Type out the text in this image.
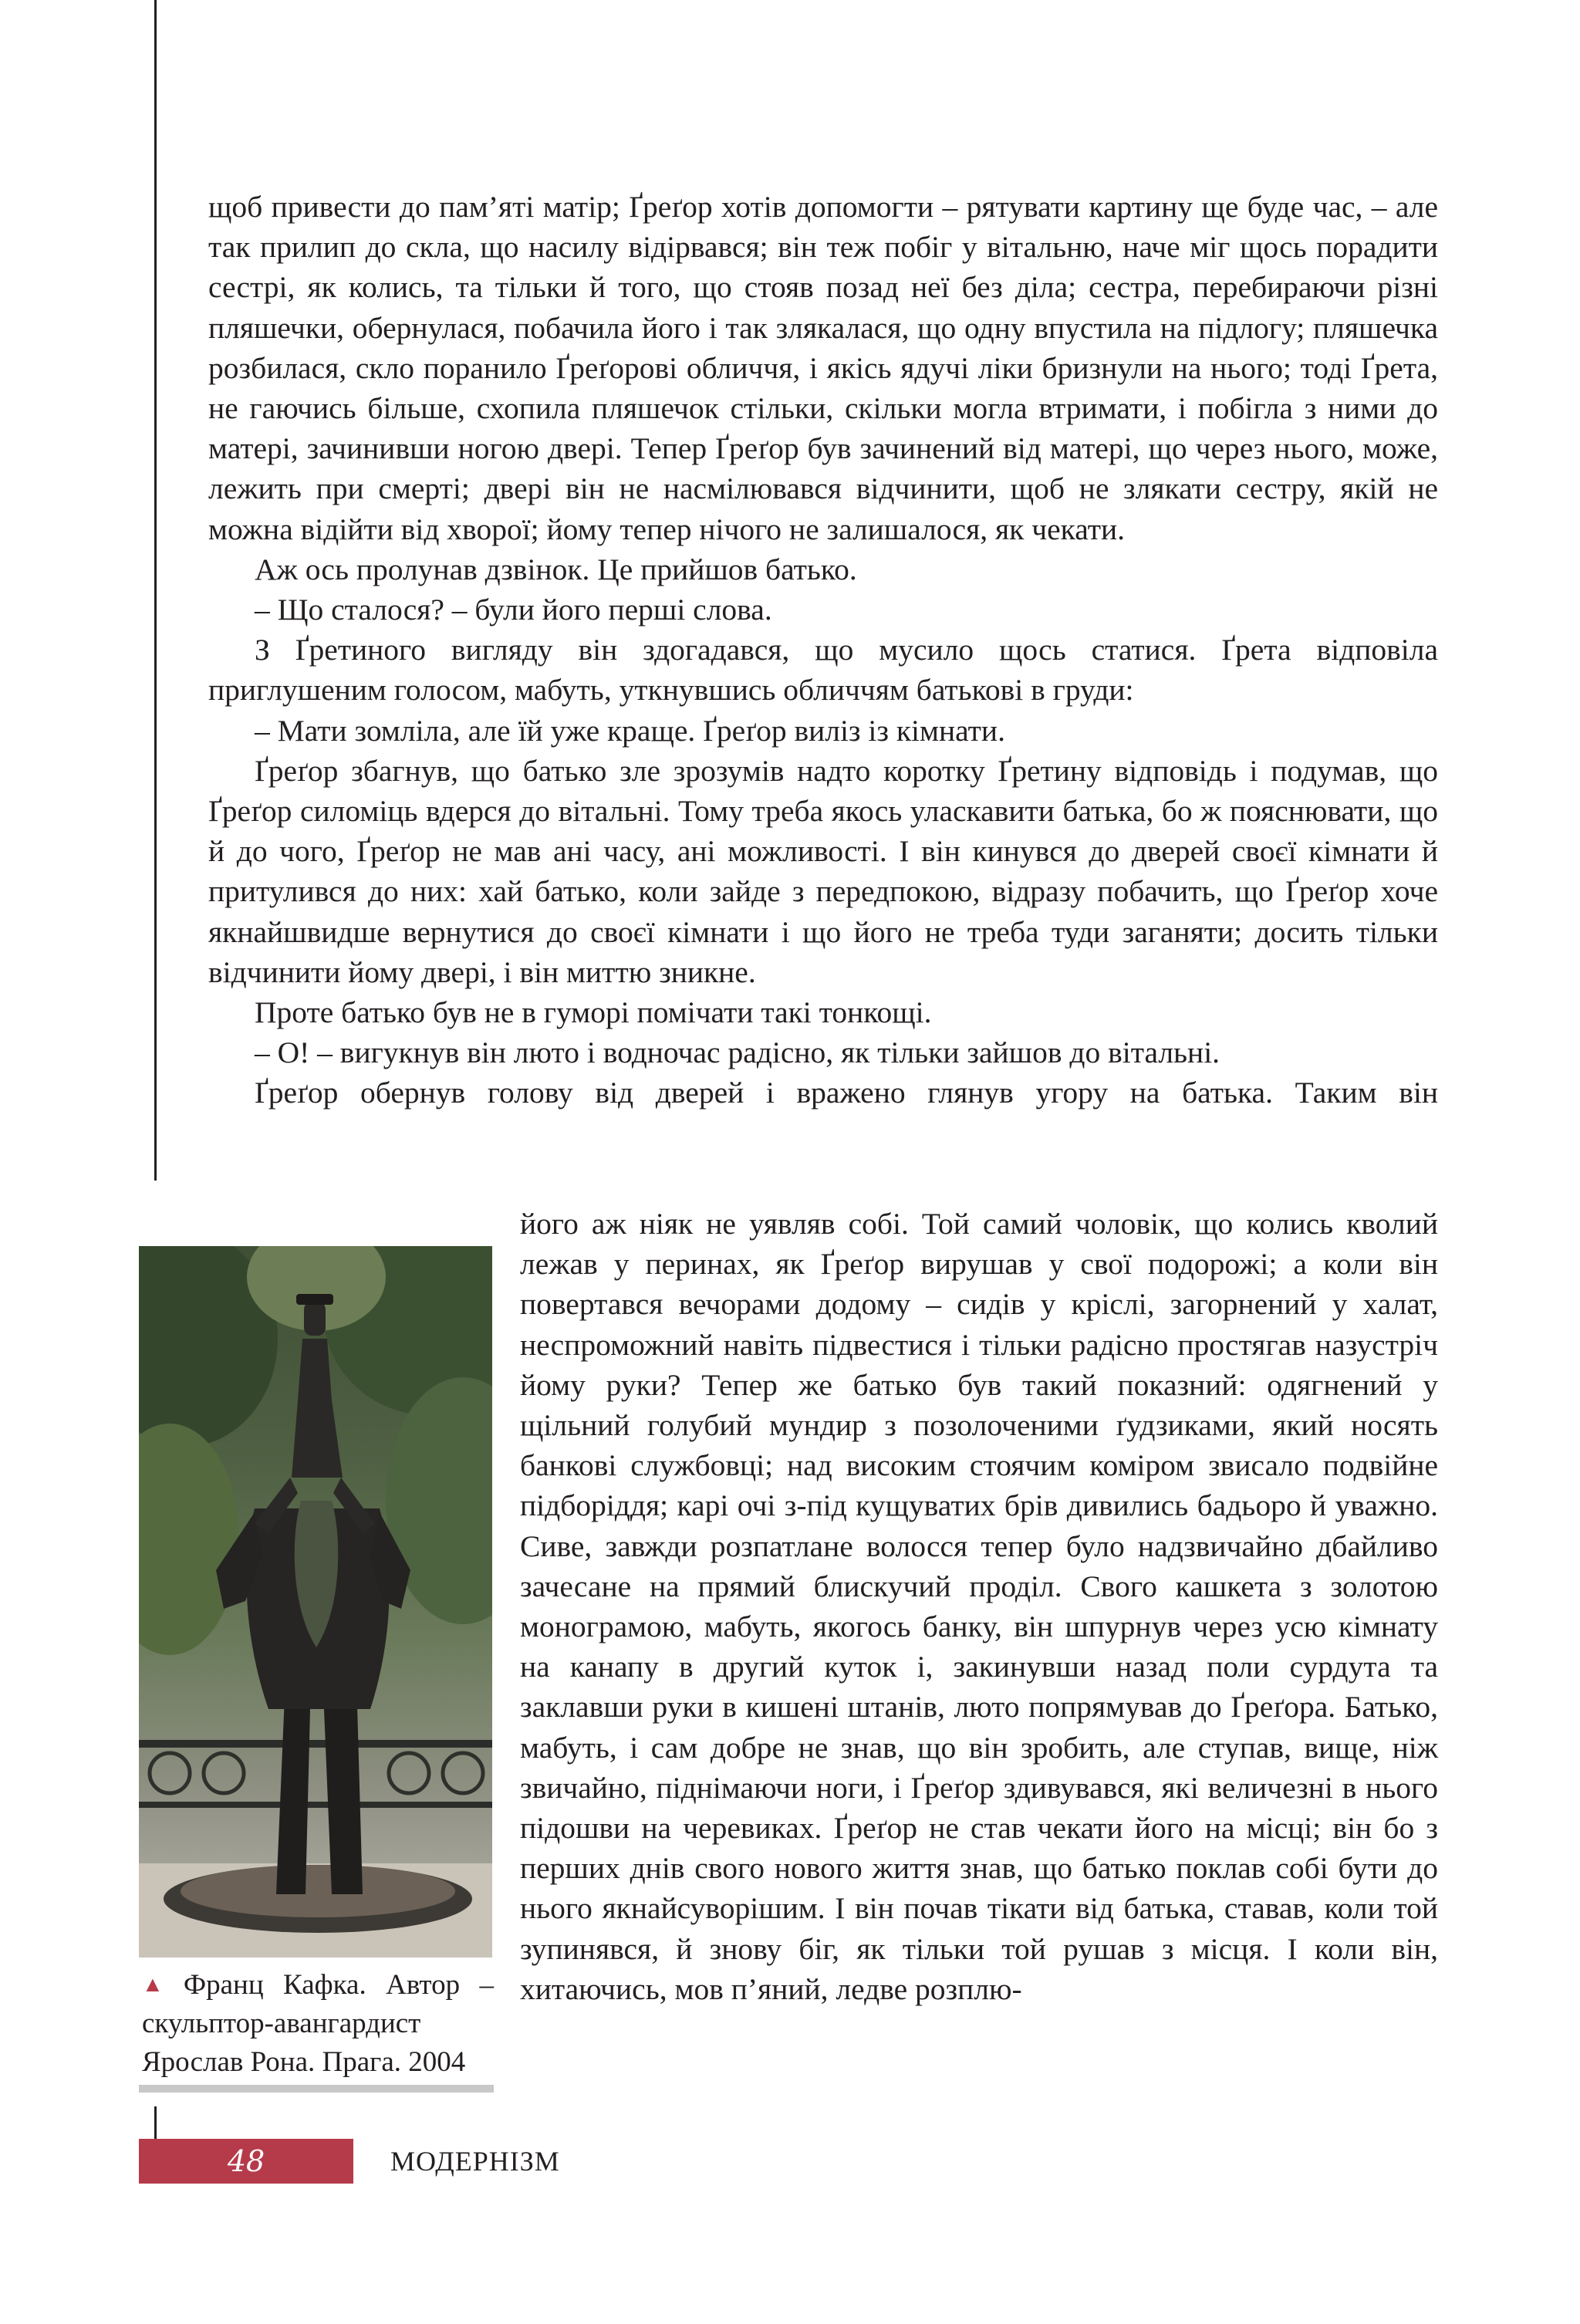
щоб привести до пам’яті матір; Ґреґор хотів допомогти – рятувати картину ще буде час, – але так прилип до скла, що насилу відірвався; він теж побіг у вітальню, наче міг щось порадити сестрі, як колись, та тільки й того, що стояв позад неї без діла; сестра, перебираючи різні пляшечки, обернулася, побачила його і так злякалася, що одну впустила на підлогу; пляшечка розбилася, скло поранило Ґреґорові обличчя, і якісь ядучі ліки бризнули на нього; тоді Ґрета, не гаючись більше, схопила пляшечок стільки, скільки могла втримати, і побігла з ними до матері, зачинивши ногою двері. Тепер Ґреґор був зачинений від матері, що через нього, може, лежить при смерті; двері він не насмілювався відчинити, щоб не злякати сестру, якій не можна відійти від хворої; йому тепер нічого не залишалося, як чекати.

Аж ось пролунав дзвінок. Це прийшов батько.

– Що сталося? – були його перші слова.

З Ґретиного вигляду він здогадався, що мусило щось статися. Ґрета відповіла приглушеним голосом, мабуть, уткнувшись обличчям батькові в груди:

– Мати зомліла, але їй уже краще. Ґреґор виліз із кімнати.

Ґреґор збагнув, що батько зле зрозумів надто коротку Ґретину відповідь і подумав, що Ґреґор силоміць вдерся до вітальні. Тому треба якось уласкавити батька, бо ж пояснювати, що й до чого, Ґреґор не мав ані часу, ані можливості. І він кинувся до дверей своєї кімнати й притулився до них: хай батько, коли зайде з передпокою, відразу побачить, що Ґреґор хоче якнайшвидше вернутися до своєї кімнати і що його не треба туди заганяти; досить тільки відчинити йому двері, і він миттю зникне.

Проте батько був не в гуморі помічати такі тонкощі.

– О! – вигукнув він люто і водночас радісно, як тільки зайшов до вітальні.

Ґреґор обернув голову від дверей і вражено глянув угору на батька. Таким він

▲ Франц Кафка. Автор – скульптор-авангардист Ярослав Рона. Прага. 2004

його аж ніяк не уявляв собі. Той самий чоловік, що колись кволий лежав у перинах, як Ґреґор вирушав у свої подорожі; а коли він повертався вечорами додому – сидів у кріслі, загорнений у халат, неспроможний навіть підвестися і тільки радісно простягав назустріч йому руки? Тепер же батько був такий показний: одягнений у щільний голубий мундир з позолоченими ґудзиками, який носять банкові службовці; над високим стоячим коміром звисало подвійне підборіддя; карі очі з-під кущуватих брів дивились бадьоро й уважно. Сиве, завжди розпатлане волосся тепер було надзвичайно дбайливо зачесане на прямий блискучий проділ. Свого кашкета з золотою монограмою, мабуть, якогось банку, він шпурнув через усю кімнату на канапу в другий куток і, закинувши назад поли сурдута та заклавши руки в кишені штанів, люто попрямував до Ґреґора. Батько, мабуть, і сам добре не знав, що він зробить, але ступав, вище, ніж звичайно, піднімаючи ноги, і Ґреґор здивувався, які величезні в нього підошви на черевиках. Ґреґор не став чекати його на місці; він бо з перших днів свого нового життя знав, що батько поклав собі бути до нього якнайсуворішим. І він почав тікати від батька, ставав, коли той зупинявся, й знову біг, як тільки той рушав з місця. І коли він, хитаючись, мов п’яний, ледве розплю-

48	МОДЕРНІЗМ
